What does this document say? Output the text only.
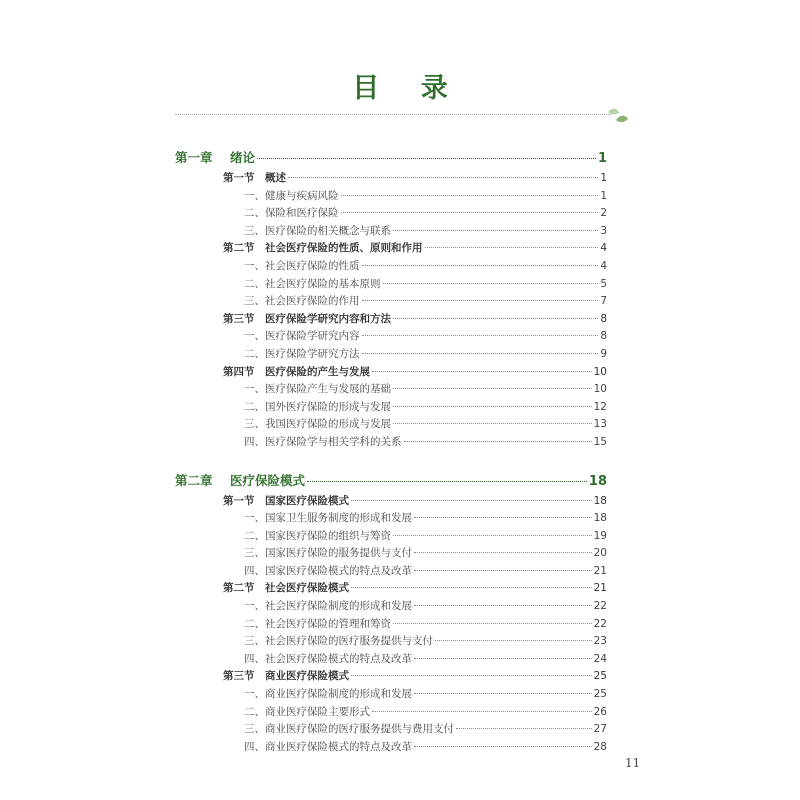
目 录
第一章 绪论	1
第一节 概述	1
一、健康与疾病风险	1
二、保险和医疗保险	2
三、医疗保险的相关概念与联系	3
第二节 社会医疗保险的性质、原则和作用	4
一、社会医疗保险的性质	4
二、社会医疗保险的基本原则	5
三、社会医疗保险的作用	7
第三节 医疗保险学研究内容和方法	8
一、医疗保险学研究内容	8
二、医疗保险学研究方法	9
第四节 医疗保险的产生与发展	10
一、医疗保险产生与发展的基础	10
二、国外医疗保险的形成与发展	12
三、我国医疗保险的形成与发展	13
四、医疗保险学与相关学科的关系	15
第二章 医疗保险模式	18
第一节 国家医疗保险模式	18
一、国家卫生服务制度的形成和发展	18
二、国家医疗保险的组织与筹资	19
三、国家医疗保险的服务提供与支付	20
四、国家医疗保险模式的特点及改革	21
第二节 社会医疗保险模式	21
一、社会医疗保险制度的形成和发展	22
二、社会医疗保险的管理和筹资	22
三、社会医疗保险的医疗服务提供与支付	23
四、社会医疗保险模式的特点及改革	24
第三节 商业医疗保险模式	25
一、商业医疗保险制度的形成和发展	25
二、商业医疗保险主要形式	26
三、商业医疗保险的医疗服务提供与费用支付	27
四、商业医疗保险模式的特点及改革	28
11
